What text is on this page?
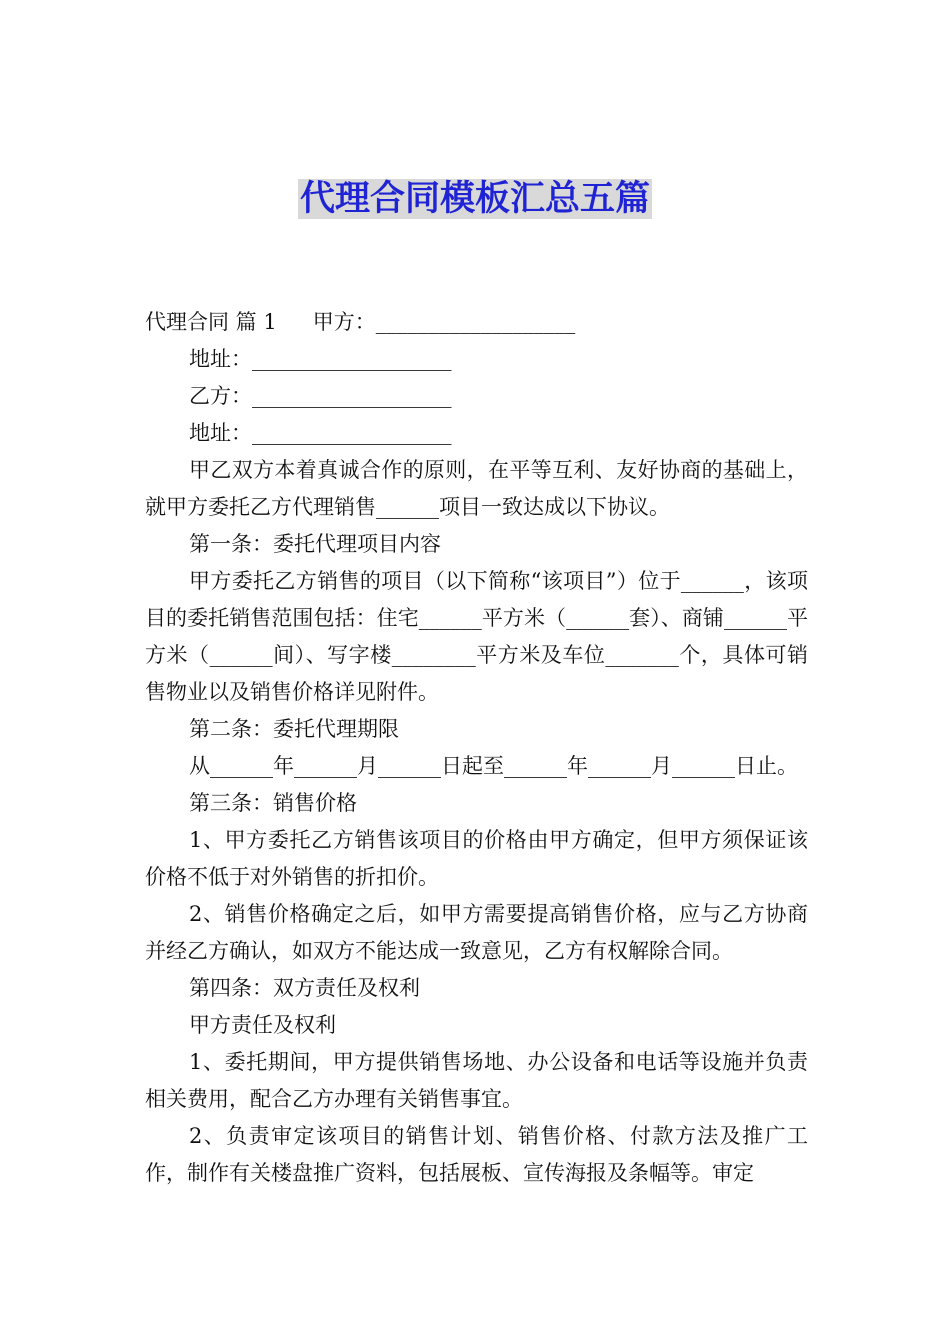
代理合同模板汇总五篇

代理合同 篇 1 甲方：___________________

地址：___________________

乙方：___________________

地址：___________________

甲乙双方本着真诚合作的原则，在平等互利、友好协商的基础上，就甲方委托乙方代理销售______项目一致达成以下协议。

第一条：委托代理项目内容

甲方委托乙方销售的项目（以下简称“该项目”）位于______，该项目的委托销售范围包括：住宅______平方米（______套）、商铺______平方米（______间）、写字楼________平方米及车位_______个，具体可销售物业以及销售价格详见附件。

第二条：委托代理期限

从______年______月______日起至______年______月______日止。

第三条：销售价格

1、甲方委托乙方销售该项目的价格由甲方确定，但甲方须保证该价格不低于对外销售的折扣价。

2、销售价格确定之后，如甲方需要提高销售价格，应与乙方协商并经乙方确认，如双方不能达成一致意见，乙方有权解除合同。

第四条：双方责任及权利

甲方责任及权利

1、委托期间，甲方提供销售场地、办公设备和电话等设施并负责相关费用，配合乙方办理有关销售事宜。

2、负责审定该项目的销售计划、销售价格、付款方法及推广工作，制作有关楼盘推广资料，包括展板、宣传海报及条幅等。审定
